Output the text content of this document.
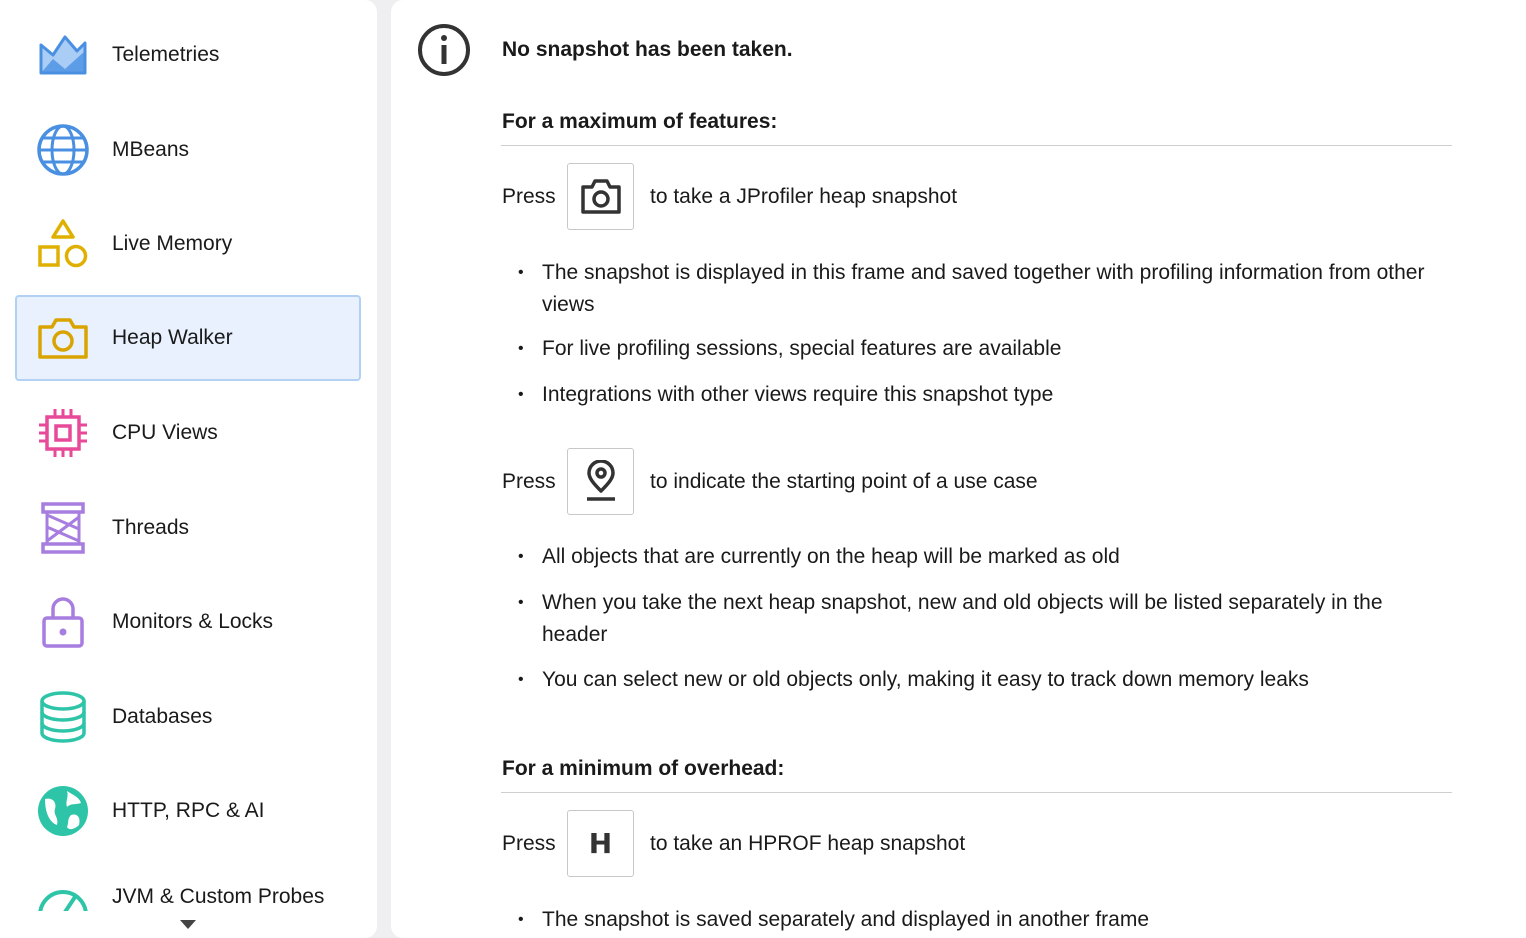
Telemetries
MBeans
Live Memory
Heap Walker
CPU Views
Threads
Monitors & Locks
Databases
HTTP, RPC & AI
JVM & Custom Probes
No snapshot has been taken.
For a maximum of features:
Press	to take a JProfiler heap snapshot
• The snapshot is displayed in this frame and saved together with profiling information from other views
• For live profiling sessions, special features are available
• Integrations with other views require this snapshot type
Press	to indicate the starting point of a use case
• All objects that are currently on the heap will be marked as old
• When you take the next heap snapshot, new and old objects will be listed separately in the header
• You can select new or old objects only, making it easy to track down memory leaks
For a minimum of overhead:
Press H to take an HPROF heap snapshot
• The snapshot is saved separately and displayed in another frame
